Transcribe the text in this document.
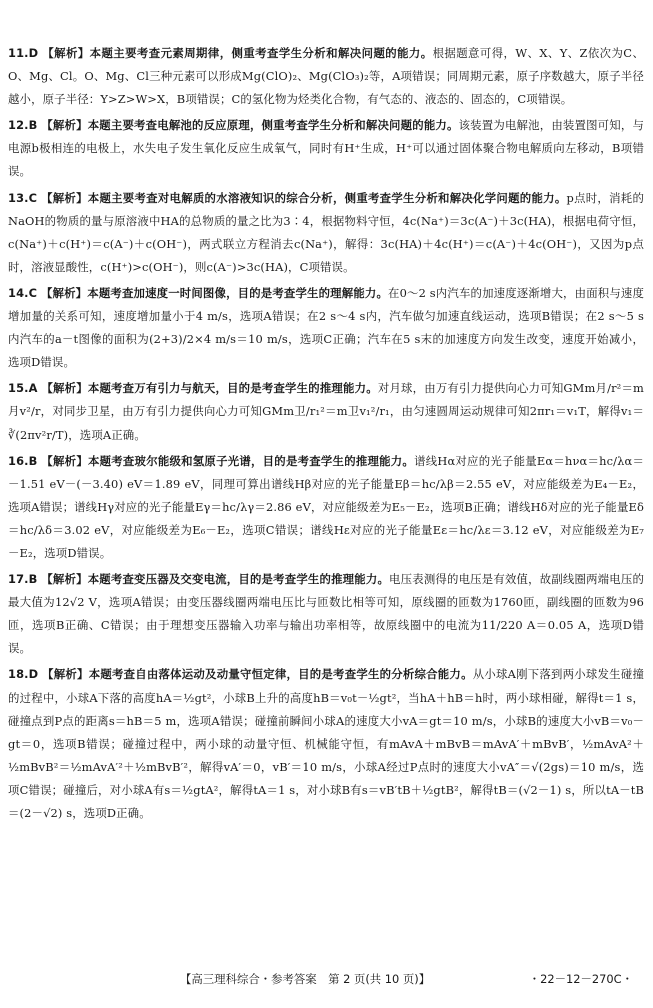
11.D 【解析】本题主要考查元素周期律，侧重考查学生分析和解决问题的能力。根据题意可得，W、X、Y、Z依次为C、O、Mg、Cl。O、Mg、Cl三种元素可以形成Mg(ClO)₂、Mg(ClO₃)₂等，A项错误；同周期元素，原子序数越大，原子半径越小，原子半径：Y>Z>W>X，B项错误；C的氢化物为烃类化合物，有气态的、液态的、固态的，C项错误。
12.B 【解析】本题主要考查电解池的反应原理，侧重考查学生分析和解决问题的能力。该装置为电解池，由装置图可知，与电源b极相连的电极上，水失电子发生氧化反应生成氧气，同时有H⁺生成，H⁺可以通过固体聚合物电解质向左移动，B项错误。
13.C 【解析】本题主要考查对电解质的水溶液知识的综合分析，侧重考查学生分析和解决化学问题的能力。p点时，消耗的NaOH的物质的量与原溶液中HA的总物质的量之比为3∶4，根据物料守恒，4c(Na⁺)＝3c(A⁻)＋3c(HA)，根据电荷守恒，c(Na⁺)＋c(H⁺)＝c(A⁻)＋c(OH⁻)，两式联立方程消去c(Na⁺)，解得：3c(HA)＋4c(H⁺)＝c(A⁻)＋4c(OH⁻)，又因为p点时，溶液显酸性，c(H⁺)>c(OH⁻)，则c(A⁻)>3c(HA)，C项错误。
14.C 【解析】本题考查加速度一时间图像，目的是考查学生的理解能力。在0～2 s内汽车的加速度逐渐增大，由面积与速度增加量的关系可知，速度增加量小于4 m/s，选项A错误；在2 s～4 s内，汽车做匀加速直线运动，选项B错误；在2 s～5 s内汽车的a－t图像的面积为(2+3)/2×4 m/s＝10 m/s，选项C正确；汽车在5 s末的加速度方向发生改变，速度开始减小，选项D错误。
15.A 【解析】本题考查万有引力与航天，目的是考查学生的推理能力。对月球，由万有引力提供向心力可知GMm月/r²＝m月v²/r，对同步卫星，由万有引力提供向心力可知GMm卫/r₁²＝m卫v₁²/r₁，由匀速圆周运动规律可知2πr₁＝v₁T，解得v₁＝∛(2πv²r/T)，选项A正确。
16.B 【解析】本题考查玻尔能级和氢原子光谱，目的是考查学生的推理能力。谱线Hα对应的光子能量Eα＝hνα＝hc/λα＝－1.51 eV－(－3.40) eV＝1.89 eV，同理可算出谱线Hβ对应的光子能量Eβ＝hc/λβ＝2.55 eV，对应能级差为E₄－E₂，选项A错误；谱线Hγ对应的光子能量Eγ＝hc/λγ＝2.86 eV，对应能级差为E₅－E₂，选项B正确；谱线Hδ对应的光子能量Eδ＝hc/λδ＝3.02 eV，对应能级差为E₆－E₂，选项C错误；谱线Hε对应的光子能量Eε＝hc/λε＝3.12 eV，对应能级差为E₇－E₂，选项D错误。
17.B 【解析】本题考查变压器及交变电流，目的是考查学生的推理能力。电压表测得的电压是有效值，故副线圈两端电压的最大值为12√2 V，选项A错误；由变压器线圈两端电压比与匝数比相等可知，原线圈的匝数为1760匝，副线圈的匝数为96匝，选项B正确、C错误；由于理想变压器输入功率与输出功率相等，故原线圈中的电流为11/220 A＝0.05 A，选项D错误。
18.D 【解析】本题考查自由落体运动及动量守恒定律，目的是考查学生的分析综合能力。从小球A刚下落到两小球发生碰撞的过程中，小球A下落的高度hA＝½gt²，小球B上升的高度hB＝v₀t－½gt²，当hA＋hB＝h时，两小球相碰，解得t＝1 s，碰撞点到P点的距离s＝hB＝5 m，选项A错误；碰撞前瞬间小球A的速度大小vA＝gt＝10 m/s，小球B的速度大小vB＝v₀－gt＝0，选项B错误；碰撞过程中，两小球的动量守恒、机械能守恒，有mAvA＋mBvB＝mAvA′＋mBvB′，½mAvA²＋½mBvB²＝½mAvA′²＋½mBvB′²，解得vA′＝0，vB′＝10 m/s，小球A经过P点时的速度大小vA″＝√(2gs)＝10 m/s，选项C错误；碰撞后，对小球A有s＝½gtA²，解得tA＝1 s，对小球B有s＝vB′tB＋½gtB²，解得tB＝(√2－1) s，所以tA－tB＝(2－√2) s，选项D正确。
【高三理科综合・参考答案　第 2 页(共 10 页)】	・22－12－270C・
